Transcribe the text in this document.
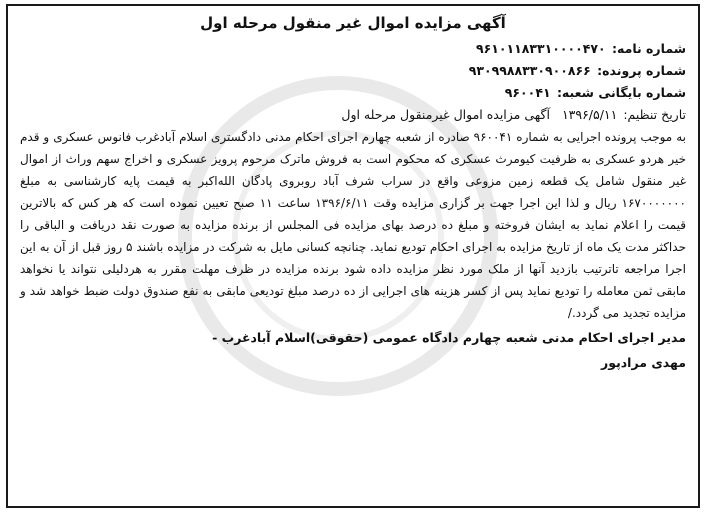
آگهی مزایده اموال غیر منقول مرحله اول
شماره نامه: ۹۶۱۰۱۱۸۳۳۱۰۰۰۰۴۷۰
شماره پرونده: ۹۳۰۹۹۸۸۳۳۰۹۰۰۸۶۶
شماره بایگانی شعبه: ۹۶۰۰۴۱
تاریخ تنظیم: ۱۳۹۶/۵/۱۱ آگهی مزایده اموال غیرمنقول مرحله اول

به موجب پرونده اجرایی به شماره ۹۶۰۰۴۱ صادره از شعبه چهارم اجرای احکام مدنی دادگستری اسلام آبادغرب فانوس عسکری و قدم خیر هردو عسکری به ظرفیت کیومرث عسکری که محکوم است به فروش ماترک مرحوم پرویز عسکری و اخراج سهم وراث از اموال غیر منقول شامل یک قطعه زمین مزوعی واقع در سراب شرف آباد روبروی پادگان الله‌اکبر به قیمت پایه کارشناسی به مبلغ ۱۶۷۰۰۰۰۰۰۰ ریال و لذا این اجرا جهت بر گزاری مزایده وقت ۱۳۹۶/۶/۱۱ ساعت ۱۱ صبح تعیین نموده است که هر کس که بالاترین قیمت را اعلام نماید به ایشان فروخته و مبلغ ده درصد بهای مزایده فی المجلس از برنده مزایده به صورت نقد دریافت و الباقی را حداکثر مدت یک ماه از تاریخ مزایده به اجرای احکام تودیع نماید. چنانچه کسانی مایل به شرکت در مزایده باشند ۵ روز قبل از آن به این اجرا مراجعه تاترتیب بازدید آنها از ملک مورد نظر مزایده داده شود برنده مزایده در ظرف مهلت مقرر به هردلیلی نتواند یا نخواهد مابقی ثمن معامله را تودیع نماید پس از کسر هزینه های اجرایی از ده درصد مبلغ تودیعی مابقی به نفع صندوق دولت ضبط خواهد شد و مزایده تجدید می گردد./

مدیر اجرای احکام مدنی شعبه چهارم دادگاه عمومی (حقوقی)اسلام آبادغرب -
مهدی مرادپور
